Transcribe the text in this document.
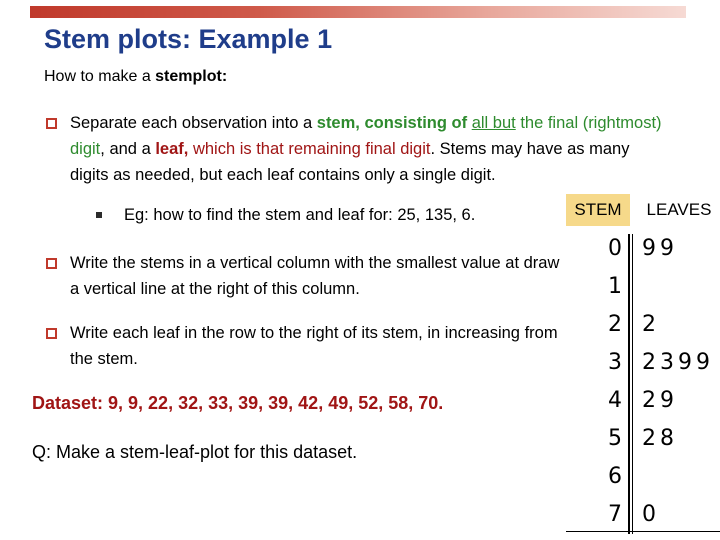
Stem plots: Example 1
How to make a stemplot:
Separate each observation into a stem, consisting of all but the final (rightmost) digit, and a leaf, which is that remaining final digit. Stems may have as many digits as needed, but each leaf contains only a single digit.
Eg: how to find the stem and leaf for: 25, 135, 6.
Write the stems in a vertical column with the smallest value at draw a vertical line at the right of this column.
Write each leaf in the row to the right of its stem, in increasing from the stem.
Dataset: 9, 9, 22, 32, 33, 39, 39, 42, 49, 52, 58, 70.
Q: Make a stem-leaf-plot for this dataset.
STEM	LEAVES
0 99
1
2 2
3 2399
4 29
5 28
6
7 0
